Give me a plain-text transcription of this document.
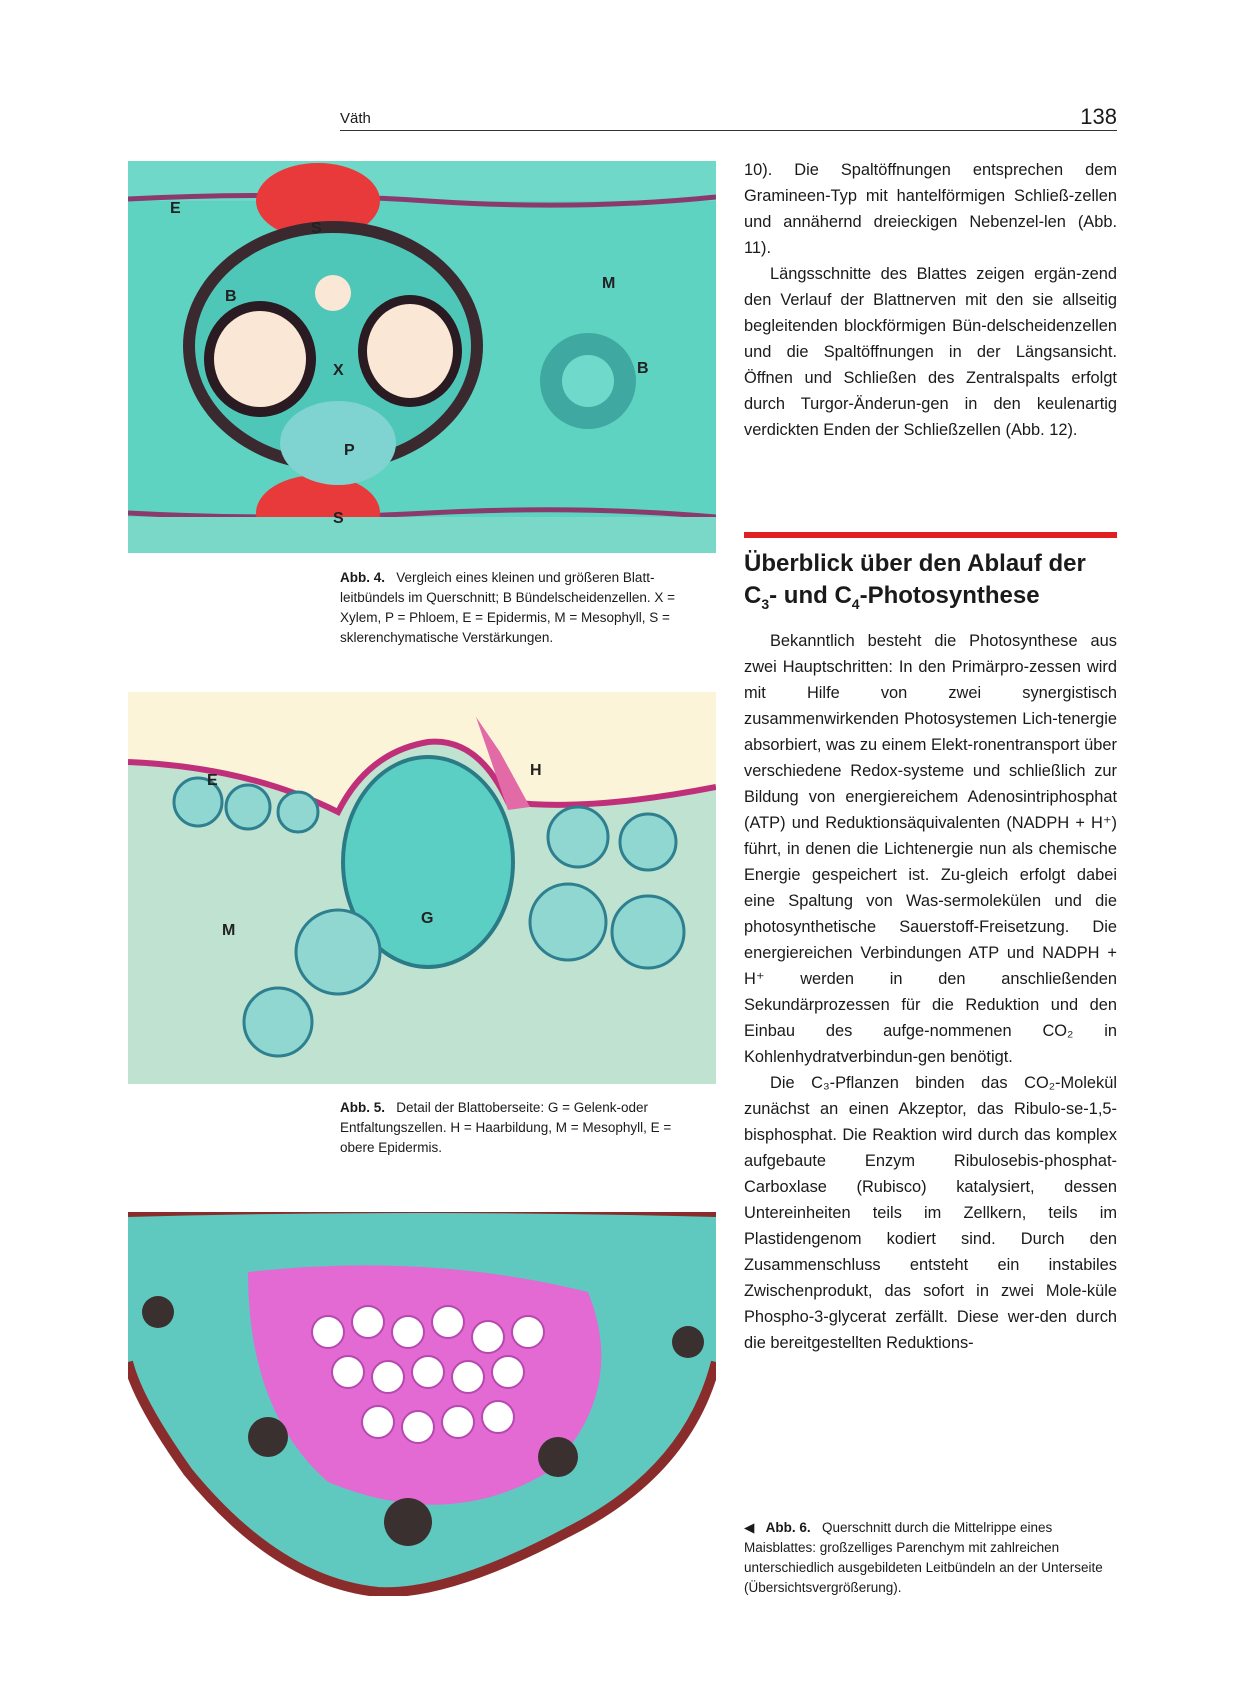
Väth	138
E
S
B
M
X	B
P
S
Abb. 4. Vergleich eines kleinen und größeren Blatt-leitbündels im Querschnitt; B Bündelscheidenzellen. X = Xylem, P = Phloem, E = Epidermis, M = Mesophyll, S = sklerenchymatische Verstärkungen.
H
E
M
G
Abb. 5. Detail der Blattoberseite: G = Gelenk-oder Entfaltungszellen. H = Haarbildung, M = Mesophyll, E = obere Epidermis.
◀ Abb. 6. Querschnitt durch die Mittelrippe eines Maisblattes: großzelliges Parenchym mit zahlreichen unterschiedlich ausgebildeten Leitbündeln an der Unterseite (Übersichtsvergrößerung).

10). Die Spaltöffnungen entsprechen dem Gramineen-Typ mit hantelförmigen Schließ-zellen und annähernd dreieckigen Nebenzel-len (Abb. 11).

Längsschnitte des Blattes zeigen ergän-zend den Verlauf der Blattnerven mit den sie allseitig begleitenden blockförmigen Bün-delscheidenzellen und die Spaltöffnungen in der Längsansicht. Öffnen und Schließen des Zentralspalts erfolgt durch Turgor-Änderun-gen in den keulenartig verdickten Enden der Schließzellen (Abb. 12).

Überblick über den Ablauf der
$C_3-$ und $C_4$-Photosynthese

Bekanntlich besteht die Photosynthese aus zwei Hauptschritten: In den Primärpro-zessen wird mit Hilfe von zwei synergistisch zusammenwirkenden Photosystemen Lich-tenergie absorbiert, was zu einem Elekt-ronentransport über verschiedene Redox-systeme und schließlich zur Bildung von energiereichem Adenosintriphosphat (ATP) und Reduktionsäquivalenten (NADPH + H⁺) führt, in denen die Lichtenergie nun als chemische Energie gespeichert ist. Zu-gleich erfolgt dabei eine Spaltung von Was-sermolekülen und die photosynthetische Sauerstoff-Freisetzung. Die energiereichen Verbindungen ATP und NADPH + H⁺ werden in den anschließenden Sekundärprozessen für die Reduktion und den Einbau des aufge-nommenen CO₂ in Kohlenhydratverbindun-gen benötigt.

Die C₃-Pflanzen binden das CO₂-Molekül zunächst an einen Akzeptor, das Ribulo-se-1,5-bisphosphat. Die Reaktion wird durch das komplex aufgebaute Enzym Ribulosebis-phosphat-Carboxlase (Rubisco) katalysiert, dessen Untereinheiten teils im Zellkern, teils im Plastidengenom kodiert sind. Durch den Zusammenschluss entsteht ein instabiles Zwischenprodukt, das sofort in zwei Mole-küle Phospho-3-glycerat zerfällt. Diese wer-den durch die bereitgestellten Reduktions-
